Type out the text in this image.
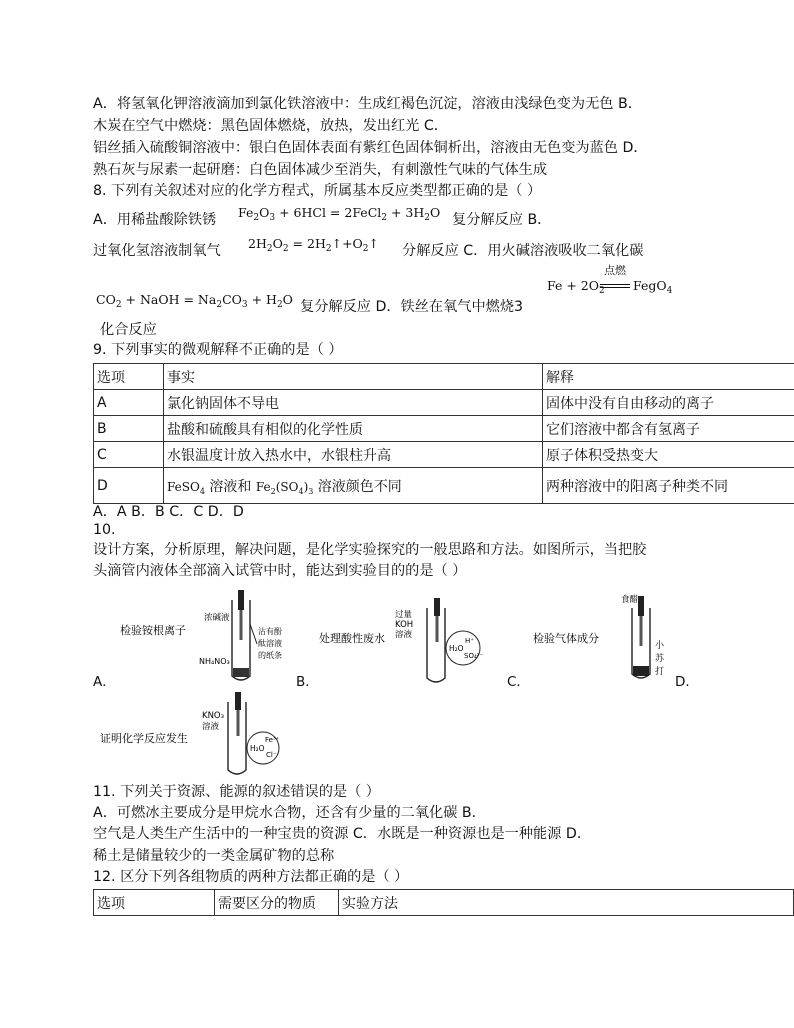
A．将氢氧化钾溶液滴加到氯化铁溶液中：生成红褐色沉淀，溶液由浅绿色变为无色 B．
木炭在空气中燃烧：黑色固体燃烧，放热，发出红光 C．
铝丝插入硫酸铜溶液中：银白色固体表面有紫红色固体铜析出，溶液由无色变为蓝色 D．
熟石灰与尿素一起研磨：白色固体减少至消失，有刺激性气味的气体生成
8. 下列有关叙述对应的化学方程式，所属基本反应类型都正确的是（ ）
A．用稀盐酸除铁锈 $Fe_2O_3 + 6HCl$ = 2FeCl$_2$ + $3H_2O$ 复分解反应 B．
过氧化氢溶液制氧气 $2H_2O_2$ = $2H_2↑+O_2↑$ 分解反应 C．用火碱溶液吸收二氧化碳
$Fe + 2O_2$
点燃
FegO$_4$
$CO_2$ + NaOH = $Na_2CO_3 + H_2O$ 复分解反应 D．铁丝在氧气中燃烧3
化合反应
9. 下列事实的微观解释不正确的是（ ）
选项	事实	解释
A	氯化钠固体不导电	固体中没有自由移动的离子
B	盐酸和硫酸具有相似的化学性质	它们溶液中都含有氢离子
C	水银温度计放入热水中，水银柱升高	原子体积受热变大
D	FeSO$_4$ 溶液和 $Fe_2(SO_4)_3$ 溶液颜色不同	两种溶液中的阳离子种类不同
A．A B．B C．C D．D
10.
设计方案，分析原理，解决问题，是化学实验探究的一般思路和方法。如图所示，当把胶
头滴管内液体全部滴入试管中时，能达到实验目的的是（ ）
检验铵根离子
浓碱液
NH₄NO₃
沾有酚
酞溶液
的纸条
A．
处理酸性废水
过量
KOH
溶液
H₂O
H⁺
SO₄²⁻
B．
检验气体成分
食醋
小
苏
打
C．	D．
证明化学反应发生
KNO₃
溶液
H₂O
Fe³⁺
Cl⁻
11. 下列关于资源、能源的叙述错误的是（ ）
A．可燃冰主要成分是甲烷水合物，还含有少量的二氧化碳 B．
空气是人类生产生活中的一种宝贵的资源 C．水既是一种资源也是一种能源 D．
稀土是储量较少的一类金属矿物的总称
12. 区分下列各组物质的两种方法都正确的是（ ）
选项	需要区分的物质	实验方法
